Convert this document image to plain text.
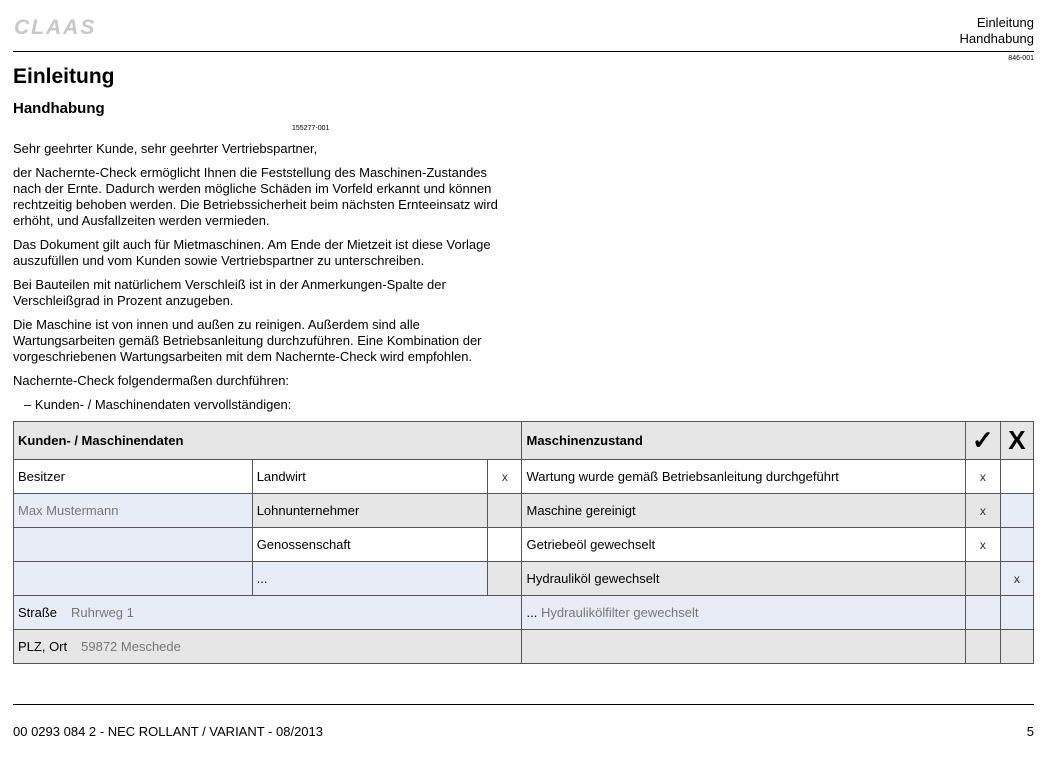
CLAAS	Einleitung
Handhabung
846-001
Einleitung
Handhabung
155277-001

Sehr geehrter Kunde, sehr geehrter Vertriebspartner,

der Nachernte-Check ermöglicht Ihnen die Feststellung des Maschinen-Zustandes nach der Ernte. Dadurch werden mögliche Schäden im Vorfeld erkannt und können rechtzeitig behoben werden. Die Betriebssicherheit beim nächsten Ernteeinsatz wird erhöht, und Ausfallzeiten werden vermieden.

Das Dokument gilt auch für Mietmaschinen. Am Ende der Mietzeit ist diese Vorlage auszufüllen und vom Kunden sowie Vertriebspartner zu unterschreiben.

Bei Bauteilen mit natürlichem Verschleiß ist in der Anmerkungen-Spalte der Verschleißgrad in Prozent anzugeben.

Die Maschine ist von innen und außen zu reinigen. Außerdem sind alle Wartungsarbeiten gemäß Betriebsanleitung durchzuführen. Eine Kombination der vorgeschriebenen Wartungsarbeiten mit dem Nachernte-Check wird empfohlen.

Nachernte-Check folgendermaßen durchführen:

– Kunden- / Maschinendaten vervollständigen:

Kunden- / Maschinendaten			Maschinenzustand	✓	X
Besitzer	Landwirt	x	Wartung wurde gemäß Betriebsanleitung durchgeführt	x	
Max Mustermann	Lohnunternehmer		Maschine gereinigt	x	
	Genossenschaft		Getriebeöl gewechselt	x	
	...		Hydrauliköl gewechselt		x
Straße Ruhrweg 1			... Hydraulikölfilter gewechselt		
PLZ, Ort 59872 Meschede					
00 0293 084 2 - NEC ROLLANT / VARIANT - 08/2013	5
